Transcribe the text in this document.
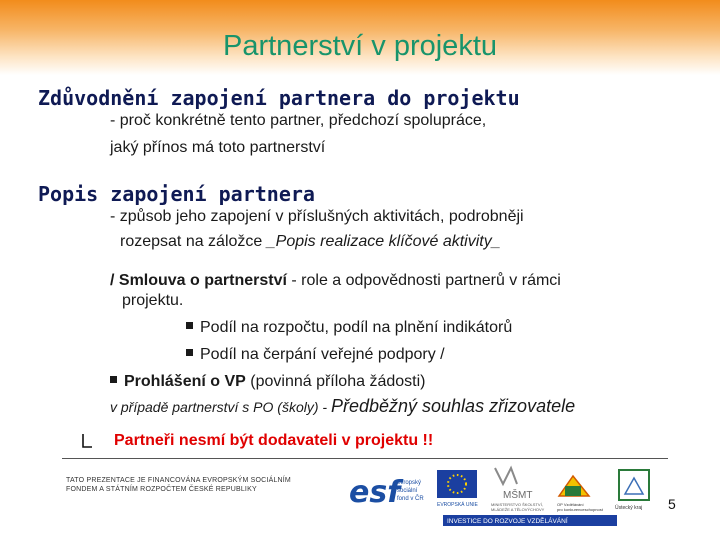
Partnerství v projektu
Zdůvodnění zapojení partnera do projektu
- proč konkrétně tento partner, předchozí spolupráce,
jaký přínos má toto partnerství
Popis zapojení partnera
- způsob jeho zapojení v příslušných aktivitách, podrobněji
rozepsat na záložce _Popis realizace klíčové aktivity_
/ Smlouva o partnerství - role a odpovědnosti partnerů v rámci
projektu.
Podíl na rozpočtu, podíl na plnění indikátorů
Podíl na čerpání veřejné podpory /
Prohlášení o VP (povinná příloha žádosti)
v případě partnerství s PO (školy) - Předběžný souhlas zřizovatele
Partneři nesmí být dodavateli v projektu !!
TATO PREZENTACE JE FINANCOVÁNA EVROPSKÝM SOCIÁLNÍM
FONDEM A STÁTNÍM ROZPOČTEM ČESKÉ REPUBLIKY	esf
evropský
sociální
fond v ČR
EVROPSKÁ UNIE
MŠMT
MINISTERSTVO ŠKOLSTVÍ,
MLÁDEŽE A TĚLOVÝCHOVY
OP Vzdělávání
pro konkurenceschopnost Ústecký kraj
INVESTICE DO ROZVOJE VZDĚLÁVÁNÍ
5
